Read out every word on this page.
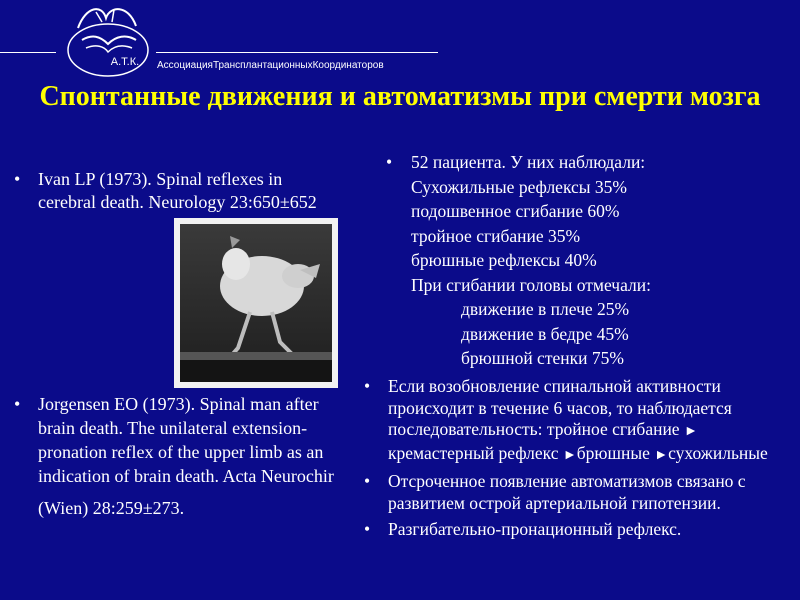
А.Т.К.	АссоциацияТрансплантационныхКоординаторов
Спонтанные движения и автоматизмы при смерти мозга
• Ivan LP (1973). Spinal reflexes in cerebral death. Neurology 23:650±652
• Jorgensen EO (1973). Spinal man after brain death. The unilateral extension-pronation reflex of the upper limb as an indication of brain death. Acta Neurochir
(Wien) 28:259±273.
• 52 пациента. У них наблюдали:
Сухожильные рефлексы 35%
подошвенное сгибание 60%
тройное сгибание 35%
брюшные рефлексы 40%
При сгибании головы отмечали:
движение в плече 25%
движение в бедре 45%
брюшной стенки 75%
• Если возобновление спинальной активности происходит в течение 6 часов, то наблюдается последовательность: тройное сгибание ► кремастерный рефлекс ►брюшные ►сухожильные
• Отсроченное появление автоматизмов связано с развитием острой артериальной гипотензии.
• Разгибательно-пронационный рефлекс.
